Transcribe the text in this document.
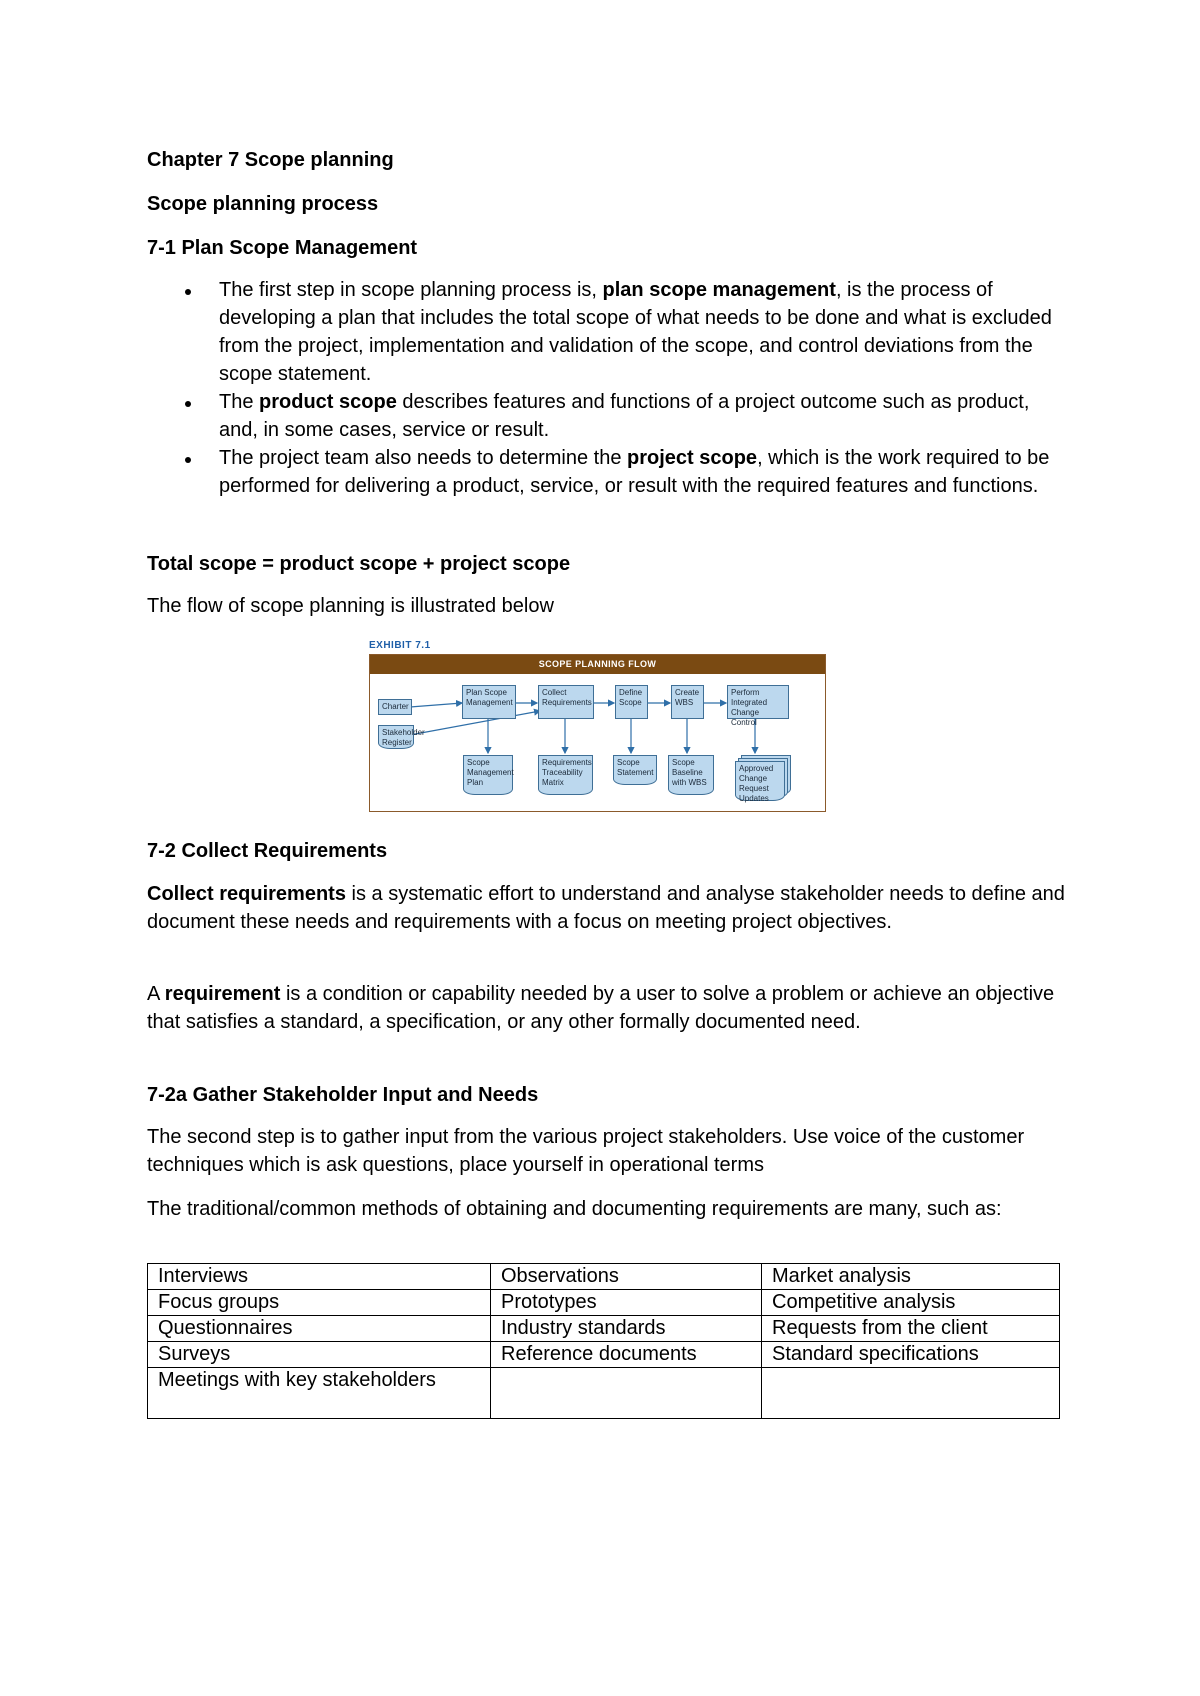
Chapter 7 Scope planning
Scope planning process
7-1 Plan Scope Management
The first step in scope planning process is, plan scope management, is the process of developing a plan that includes the total scope of what needs to be done and what is excluded from the project, implementation and validation of the scope, and control deviations from the scope statement.
The product scope describes features and functions of a project outcome such as product, and, in some cases, service or result.
The project team also needs to determine the project scope, which is the work required to be performed for delivering a product, service, or result with the required features and functions.
Total scope = product scope + project scope
The flow of scope planning is illustrated below
EXHIBIT 7.1
SCOPE PLANNING FLOW
Charter
Stakeholder Register
Plan Scope Management
Collect Requirements
Define Scope
Create WBS
Perform Integrated Change Control
Scope Management Plan
Requirements Traceability Matrix
Scope Statement
Scope Baseline with WBS
Approved Change Request Updates
7-2 Collect Requirements

Collect requirements is a systematic effort to understand and analyse stakeholder needs to define and document these needs and requirements with a focus on meeting project objectives.

A requirement is a condition or capability needed by a user to solve a problem or achieve an objective that satisfies a standard, a specification, or any other formally documented need.

7-2a Gather Stakeholder Input and Needs

The second step is to gather input from the various project stakeholders. Use voice of the customer techniques which is ask questions, place yourself in operational terms

The traditional/common methods of obtaining and documenting requirements are many, such as:

Interviews	Observations	Market analysis
Focus groups	Prototypes	Competitive analysis
Questionnaires	Industry standards	Requests from the client
Surveys	Reference documents	Standard specifications
Meetings with key stakeholders		
